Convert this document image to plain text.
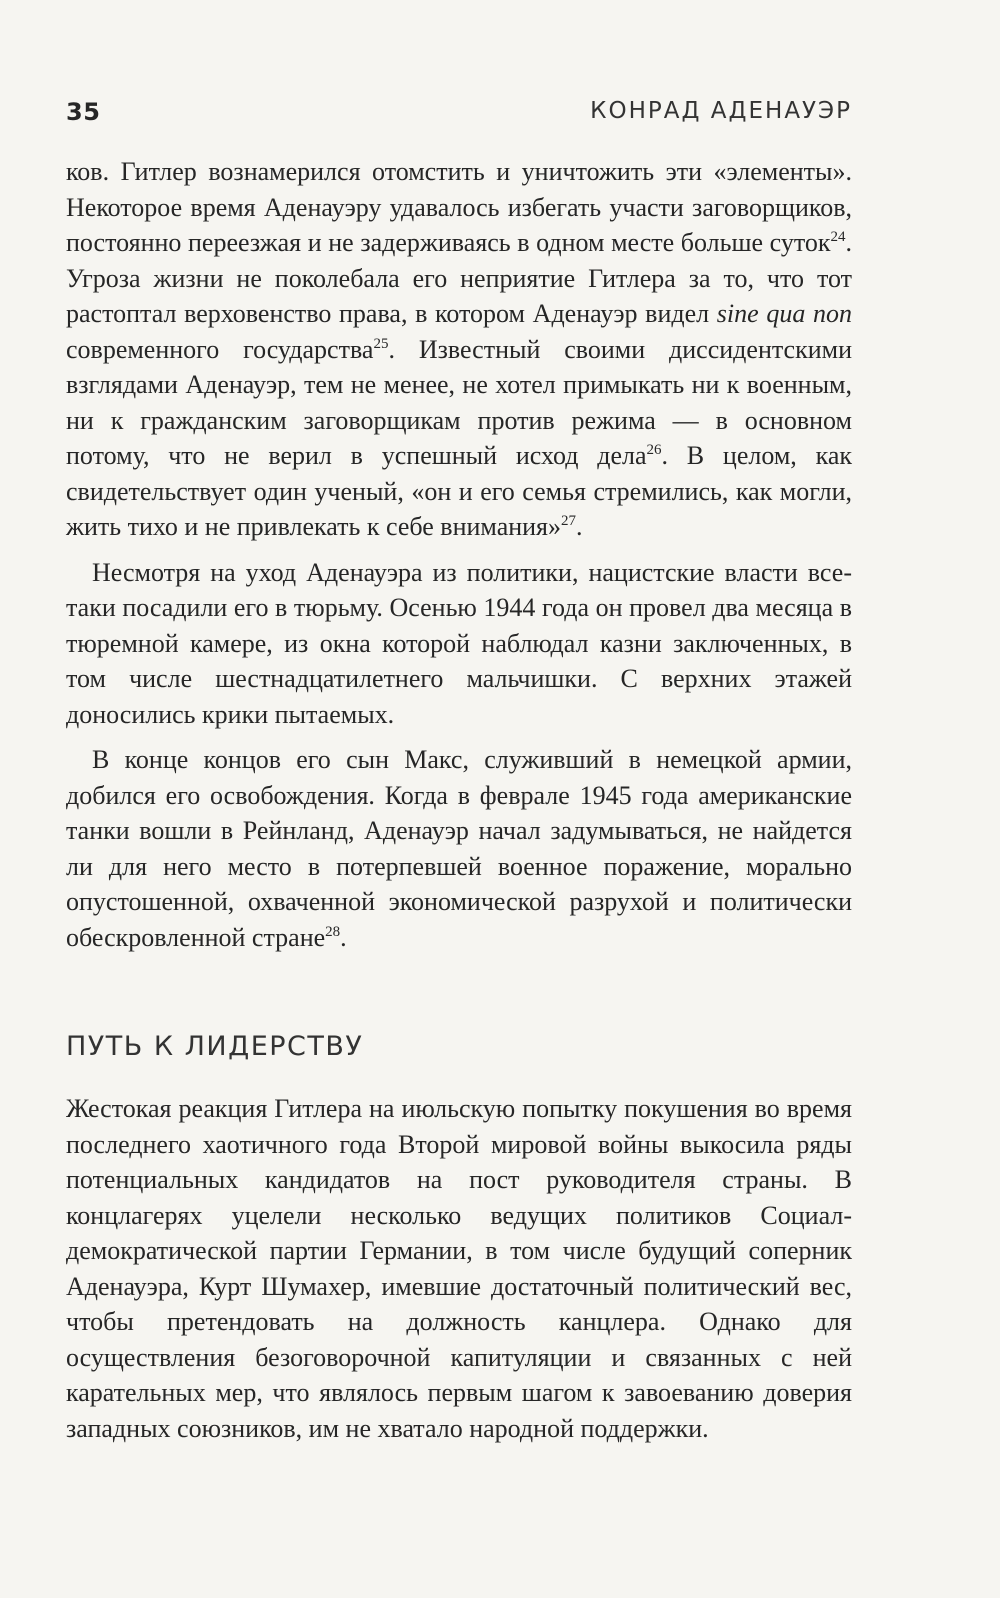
35	КОНРАД АДЕНАУЭР

ков. Гитлер вознамерился отомстить и уничтожить эти «элементы». Некоторое время Аденауэру удавалось избегать участи заговорщиков, постоянно переезжая и не задерживаясь в одном месте больше суток$^{24}$. Угроза жизни не поколебала его неприятие Гитлера за то, что тот растоптал верховенство права, в котором Аденауэр видел sine qua non современного государства$^{25}$. Известный своими диссидентскими взглядами Аденауэр, тем не менее, не хотел примыкать ни к военным, ни к гражданским заговорщикам против режима — в основном потому, что не верил в успешный исход дела$^{26}$. В целом, как свидетельствует один ученый, «он и его семья стремились, как могли, жить тихо и не привлекать к себе внимания»$^{27}$.

Несмотря на уход Аденауэра из политики, нацистские власти все-таки посадили его в тюрьму. Осенью 1944 года он провел два месяца в тюремной камере, из окна которой наблюдал казни заключенных, в том числе шестнадцатилетнего мальчишки. С верхних этажей доносились крики пытаемых.

В конце концов его сын Макс, служивший в немецкой армии, добился его освобождения. Когда в феврале 1945 года американские танки вошли в Рейнланд, Аденауэр начал задумываться, не найдется ли для него место в потерпевшей военное поражение, морально опустошенной, охваченной экономической разрухой и политически обескровленной стране$^{28}$.

ПУТЬ К ЛИДЕРСТВУ

Жестокая реакция Гитлера на июльскую попытку покушения во время последнего хаотичного года Второй мировой войны выкосила ряды потенциальных кандидатов на пост руководителя страны. В концлагерях уцелели несколько ведущих политиков Социал-демократической партии Германии, в том числе будущий соперник Аденауэра, Курт Шумахер, имевшие достаточный политический вес, чтобы претендовать на должность канцлера. Однако для осуществления безоговорочной капитуляции и связанных с ней карательных мер, что являлось первым шагом к завоеванию доверия западных союзников, им не хватало народной поддержки.
